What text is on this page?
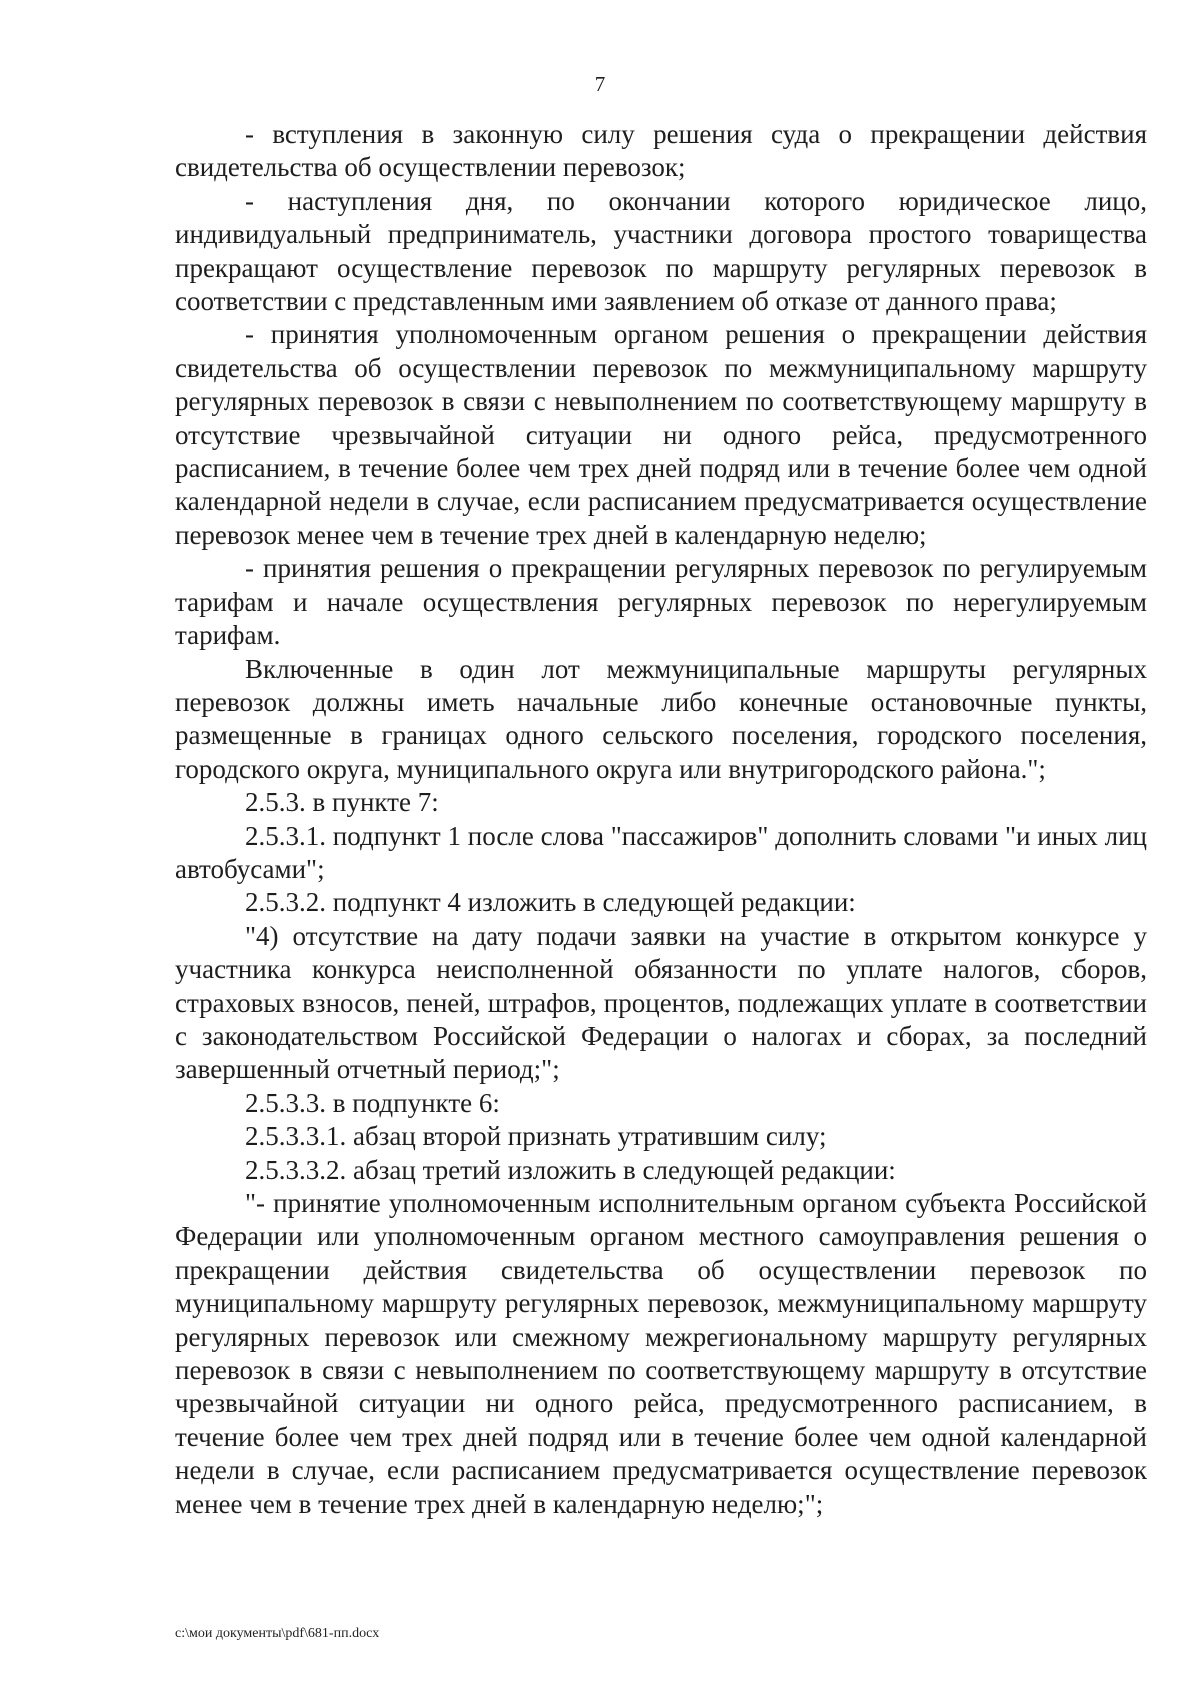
7

- вступления в законную силу решения суда о прекращении действия свидетельства об осуществлении перевозок;

- наступления дня, по окончании которого юридическое лицо, индивидуальный предприниматель, участники договора простого товарищества прекращают осуществление перевозок по маршруту регулярных перевозок в соответствии с представленным ими заявлением об отказе от данного права;

- принятия уполномоченным органом решения о прекращении действия свидетельства об осуществлении перевозок по межмуниципальному маршруту регулярных перевозок в связи с невыполнением по соответствующему маршруту в отсутствие чрезвычайной ситуации ни одного рейса, предусмотренного расписанием, в течение более чем трех дней подряд или в течение более чем одной календарной недели в случае, если расписанием предусматривается осуществление перевозок менее чем в течение трех дней в календарную неделю;

- принятия решения о прекращении регулярных перевозок по регулируемым тарифам и начале осуществления регулярных перевозок по нерегулируемым тарифам.

Включенные в один лот межмуниципальные маршруты регулярных перевозок должны иметь начальные либо конечные остановочные пункты, размещенные в границах одного сельского поселения, городского поселения, городского округа, муниципального округа или внутригородского района.";

2.5.3. в пункте 7:

2.5.3.1. подпункт 1 после слова "пассажиров" дополнить словами "и иных лиц автобусами";

2.5.3.2. подпункт 4 изложить в следующей редакции:

"4) отсутствие на дату подачи заявки на участие в открытом конкурсе у участника конкурса неисполненной обязанности по уплате налогов, сборов, страховых взносов, пеней, штрафов, процентов, подлежащих уплате в соответствии с законодательством Российской Федерации о налогах и сборах, за последний завершенный отчетный период;";

2.5.3.3. в подпункте 6:

2.5.3.3.1. абзац второй признать утратившим силу;

2.5.3.3.2. абзац третий изложить в следующей редакции:

"- принятие уполномоченным исполнительным органом субъекта Российской Федерации или уполномоченным органом местного самоуправления решения о прекращении действия свидетельства об осуществлении перевозок по муниципальному маршруту регулярных перевозок, межмуниципальному маршруту регулярных перевозок или смежному межрегиональному маршруту регулярных перевозок в связи с невыполнением по соответствующему маршруту в отсутствие чрезвычайной ситуации ни одного рейса, предусмотренного расписанием, в течение более чем трех дней подряд или в течение более чем одной календарной недели в случае, если расписанием предусматривается осуществление перевозок менее чем в течение трех дней в календарную неделю;";

c:\мои документы\pdf\681-пп.docx
